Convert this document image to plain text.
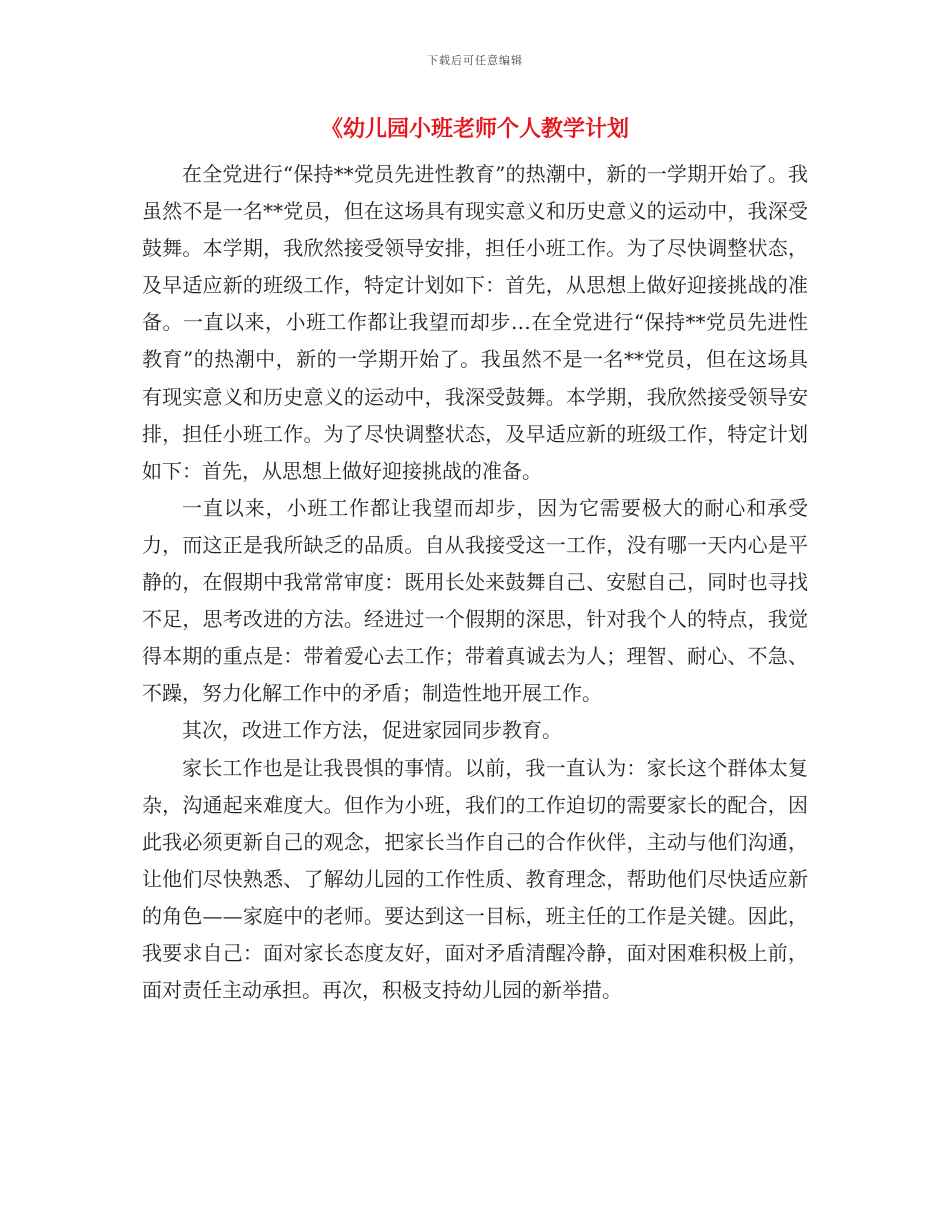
下载后可任意编辑
《幼儿园小班老师个人教学计划

在全党进行“保持**党员先进性教育”的热潮中，新的一学期开始了。我虽然不是一名**党员，但在这场具有现实意义和历史意义的运动中，我深受鼓舞。本学期，我欣然接受领导安排，担任小班工作。为了尽快调整状态，及早适应新的班级工作，特定计划如下：首先，从思想上做好迎接挑战的准备。一直以来，小班工作都让我望而却步…在全党进行“保持**党员先进性教育”的热潮中，新的一学期开始了。我虽然不是一名**党员，但在这场具有现实意义和历史意义的运动中，我深受鼓舞。本学期，我欣然接受领导安排，担任小班工作。为了尽快调整状态，及早适应新的班级工作，特定计划如下：首先，从思想上做好迎接挑战的准备。

一直以来，小班工作都让我望而却步，因为它需要极大的耐心和承受力，而这正是我所缺乏的品质。自从我接受这一工作，没有哪一天内心是平静的，在假期中我常常审度：既用长处来鼓舞自己、安慰自己，同时也寻找不足，思考改进的方法。经进过一个假期的深思，针对我个人的特点，我觉得本期的重点是：带着爱心去工作；带着真诚去为人；理智、耐心、不急、不躁，努力化解工作中的矛盾；制造性地开展工作。

其次，改进工作方法，促进家园同步教育。

家长工作也是让我畏惧的事情。以前，我一直认为：家长这个群体太复杂，沟通起来难度大。但作为小班，我们的工作迫切的需要家长的配合，因此我必须更新自己的观念，把家长当作自己的合作伙伴，主动与他们沟通，让他们尽快熟悉、了解幼儿园的工作性质、教育理念，帮助他们尽快适应新的角色——家庭中的老师。要达到这一目标，班主任的工作是关键。因此，我要求自己：面对家长态度友好，面对矛盾清醒冷静，面对困难积极上前，面对责任主动承担。再次，积极支持幼儿园的新举措。
